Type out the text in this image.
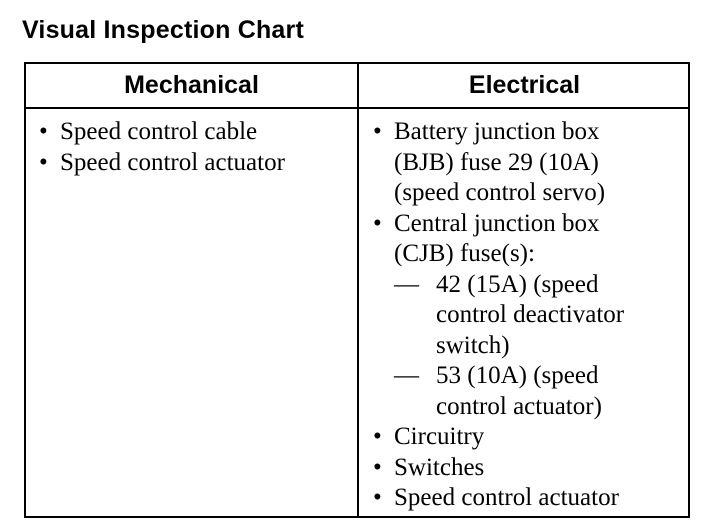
Visual Inspection Chart
Mechanical	Electrical
• Speed control cable
• Speed control actuator
• Battery junction box
(BJB) fuse 29 (10A)
(speed control servo)
• Central junction box
(CJB) fuse(s):
— 42 (15A) (speed
control deactivator
switch)
— 53 (10A) (speed
control actuator)
• Circuitry
• Switches
• Speed control actuator
